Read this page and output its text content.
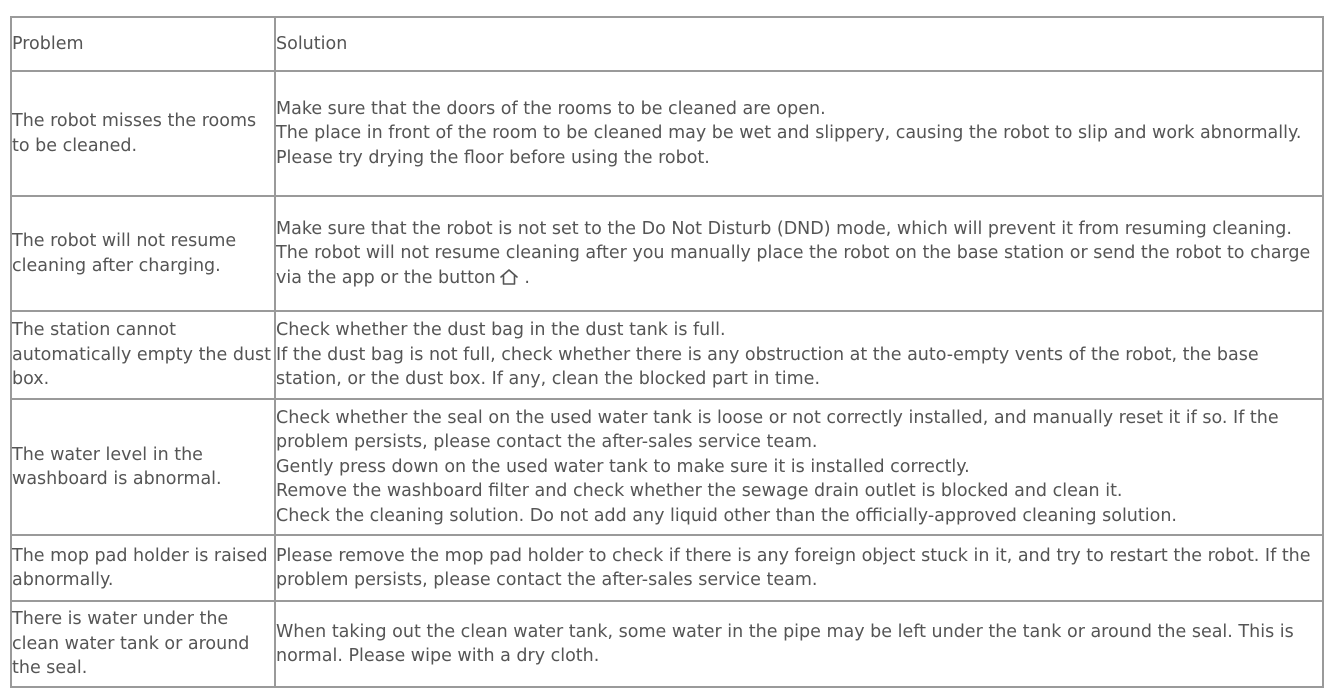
Problem	Solution
The robot misses the rooms to be cleaned.	Make sure that the doors of the rooms to be cleaned are open.
The place in front of the room to be cleaned may be wet and slippery, causing the robot to slip and work abnormally. Please try drying the floor before using the robot.

The robot will not resume cleaning after charging.	Make sure that the robot is not set to the Do Not Disturb (DND) mode, which will prevent it from resuming cleaning.
The robot will not resume cleaning after you manually place the robot on the base station or send the robot to charge via the app or the button .

The station cannot automatically empty the dust box.	Check whether the dust bag in the dust tank is full.
If the dust bag is not full, check whether there is any obstruction at the auto-empty vents of the robot, the base station, or the dust box. If any, clean the blocked part in time.

The water level in the washboard is abnormal.	Check whether the seal on the used water tank is loose or not correctly installed, and manually reset it if so. If the problem persists, please contact the after-sales service team.
Gently press down on the used water tank to make sure it is installed correctly.
Remove the washboard filter and check whether the sewage drain outlet is blocked and clean it.
Check the cleaning solution. Do not add any liquid other than the officially-approved cleaning solution.

The mop pad holder is raised abnormally.	Please remove the mop pad holder to check if there is any foreign object stuck in it, and try to restart the robot. If the problem persists, please contact the after-sales service team.

There is water under the clean water tank or around the seal.	When taking out the clean water tank, some water in the pipe may be left under the tank or around the seal. This is normal. Please wipe with a dry cloth.
